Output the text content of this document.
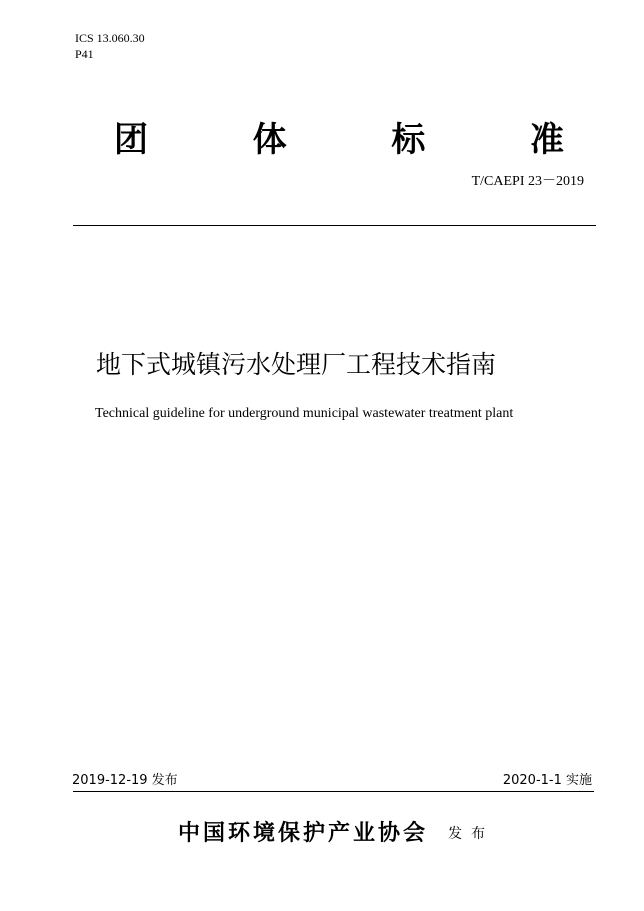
ICS 13.060.30
P41
团	体	标	准
T/CAEPI 23－2019
地下式城镇污水处理厂工程技术指南
Technical guideline for underground municipal wastewater treatment plant
2019-12-19 发布	2020-1-1 实施
中国环境保护产业协会 发布
